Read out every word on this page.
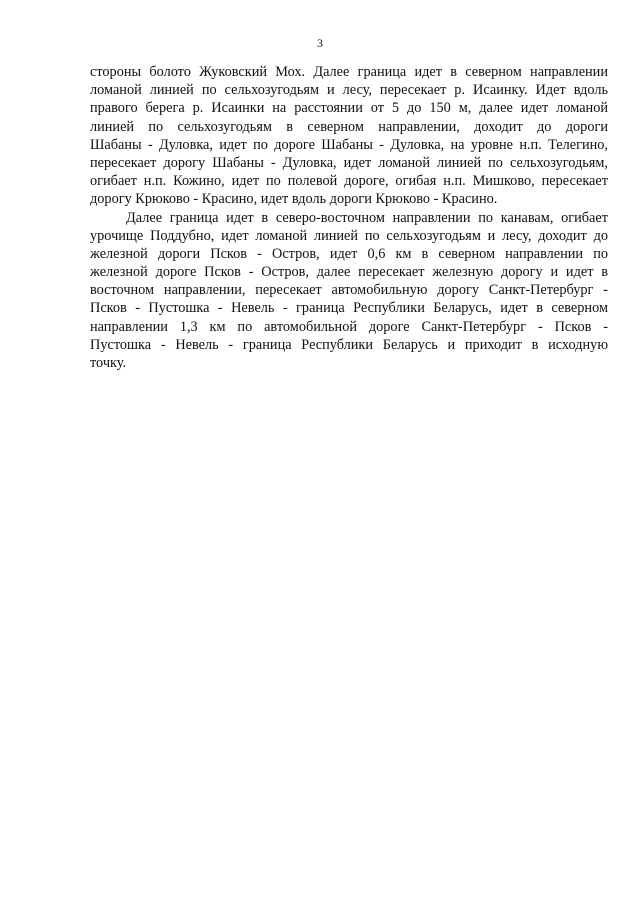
3
стороны болото Жуковский Мох. Далее граница идет в северном направлении
ломаной линией по сельхозугодьям и лесу, пересекает р. Исаинку. Идет вдоль
правого берега р. Исаинки на расстоянии от 5 до 150 м, далее идет ломаной
линией по сельхозугодьям в северном направлении, доходит до дороги
Шабаны - Дуловка, идет по дороге Шабаны - Дуловка, на уровне н.п. Телегино,
пересекает дорогу Шабаны - Дуловка, идет ломаной линией по сельхозугодьям,
огибает н.п. Кожино, идет по полевой дороге, огибая н.п. Мишково, пересекает
дорогу Крюково - Красино, идет вдоль дороги Крюково - Красино.
Далее граница идет в северо-восточном направлении по канавам, огибает
урочище Поддубно, идет ломаной линией по сельхозугодьям и лесу, доходит до
железной дороги Псков - Остров, идет 0,6 км в северном направлении по
железной дороге Псков - Остров, далее пересекает железную дорогу и идет в
восточном направлении, пересекает автомобильную дорогу Санкт-Петербург -
Псков - Пустошка - Невель - граница Республики Беларусь, идет в северном
направлении 1,3 км по автомобильной дороге Санкт-Петербург - Псков -
Пустошка - Невель - граница Республики Беларусь и приходит в исходную
точку.
